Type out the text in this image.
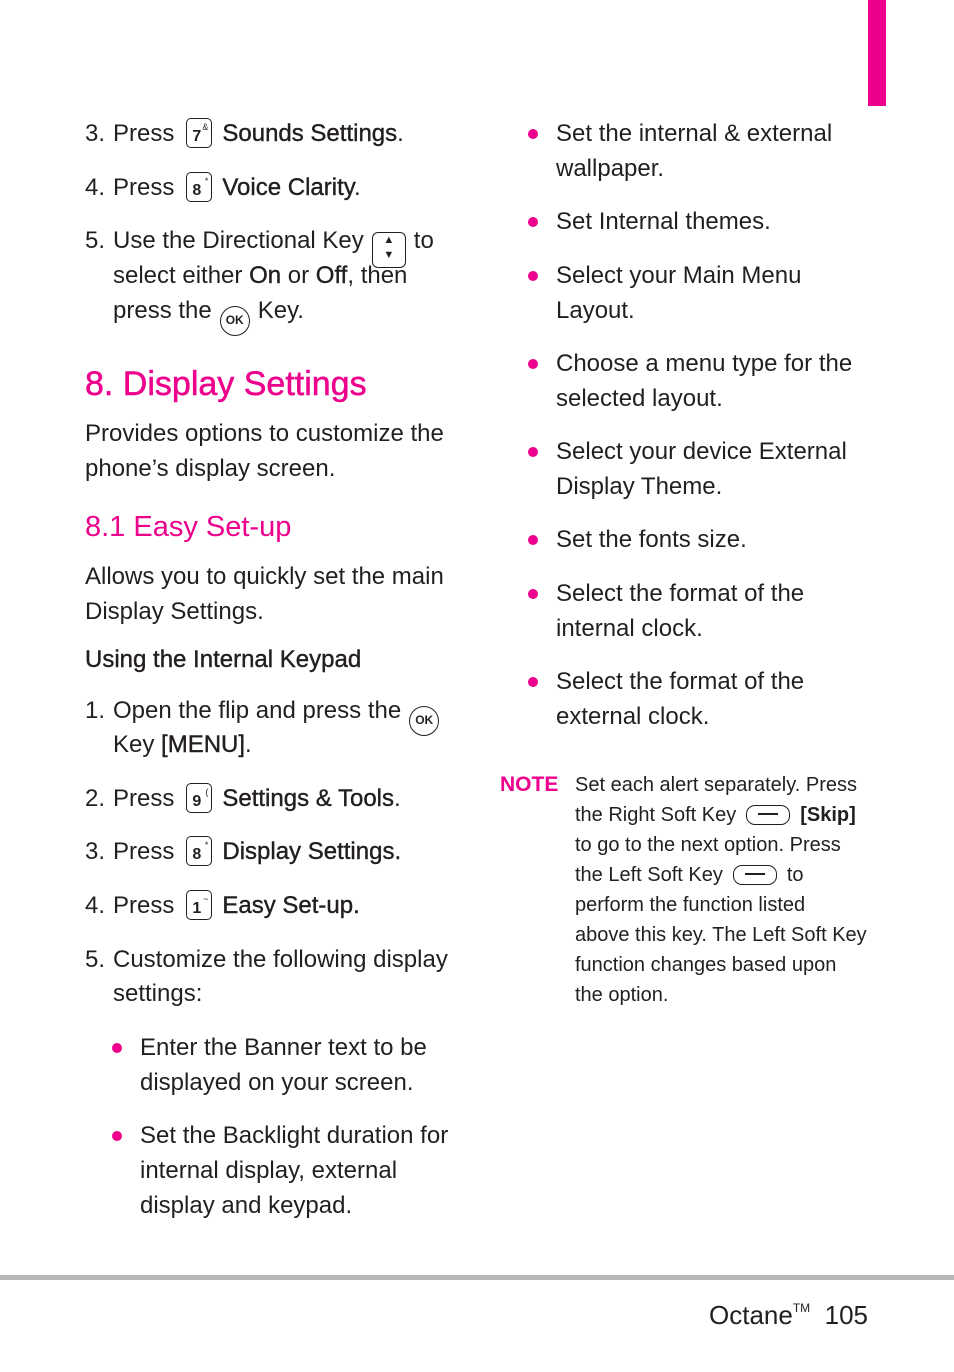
3. Press 7
& Sounds Settings.
4. Press 8
* Voice Clarity.
5. Use the Directional Key ▲
▼to
select either On or Off, then
press the OK Key.
8. Display Settings
Provides options to customize the
phone’s display screen.
8.1 Easy Set-up
Allows you to quickly set the main
Display Settings.
Using the Internal Keypad
1. Open the flip and press the OK
Key [MENU].
2. Press 9
( Settings & Tools.
3. Press 8
* Display Settings.
4. Press 1
~ Easy Set-up.
5. Customize the following display
settings:
Enter the Banner text to be
displayed on your screen.
Set the Backlight duration for
internal display, external
display and keypad.
Set the internal & external
wallpaper.
Set Internal themes.
Select your Main Menu
Layout.
Choose a menu type for the
selected layout.
Select your device External
Display Theme.
Set the fonts size.
Select the format of the
internal clock.
Select the format of the
external clock.
NOTE Set each alert separately. Press
the Right Soft Key	[Skip]
to go to the next option. Press
the Left Soft Key	to
perform the function listed
above this key. The Left Soft Key
function changes based upon
the option.
Octane™ 105
